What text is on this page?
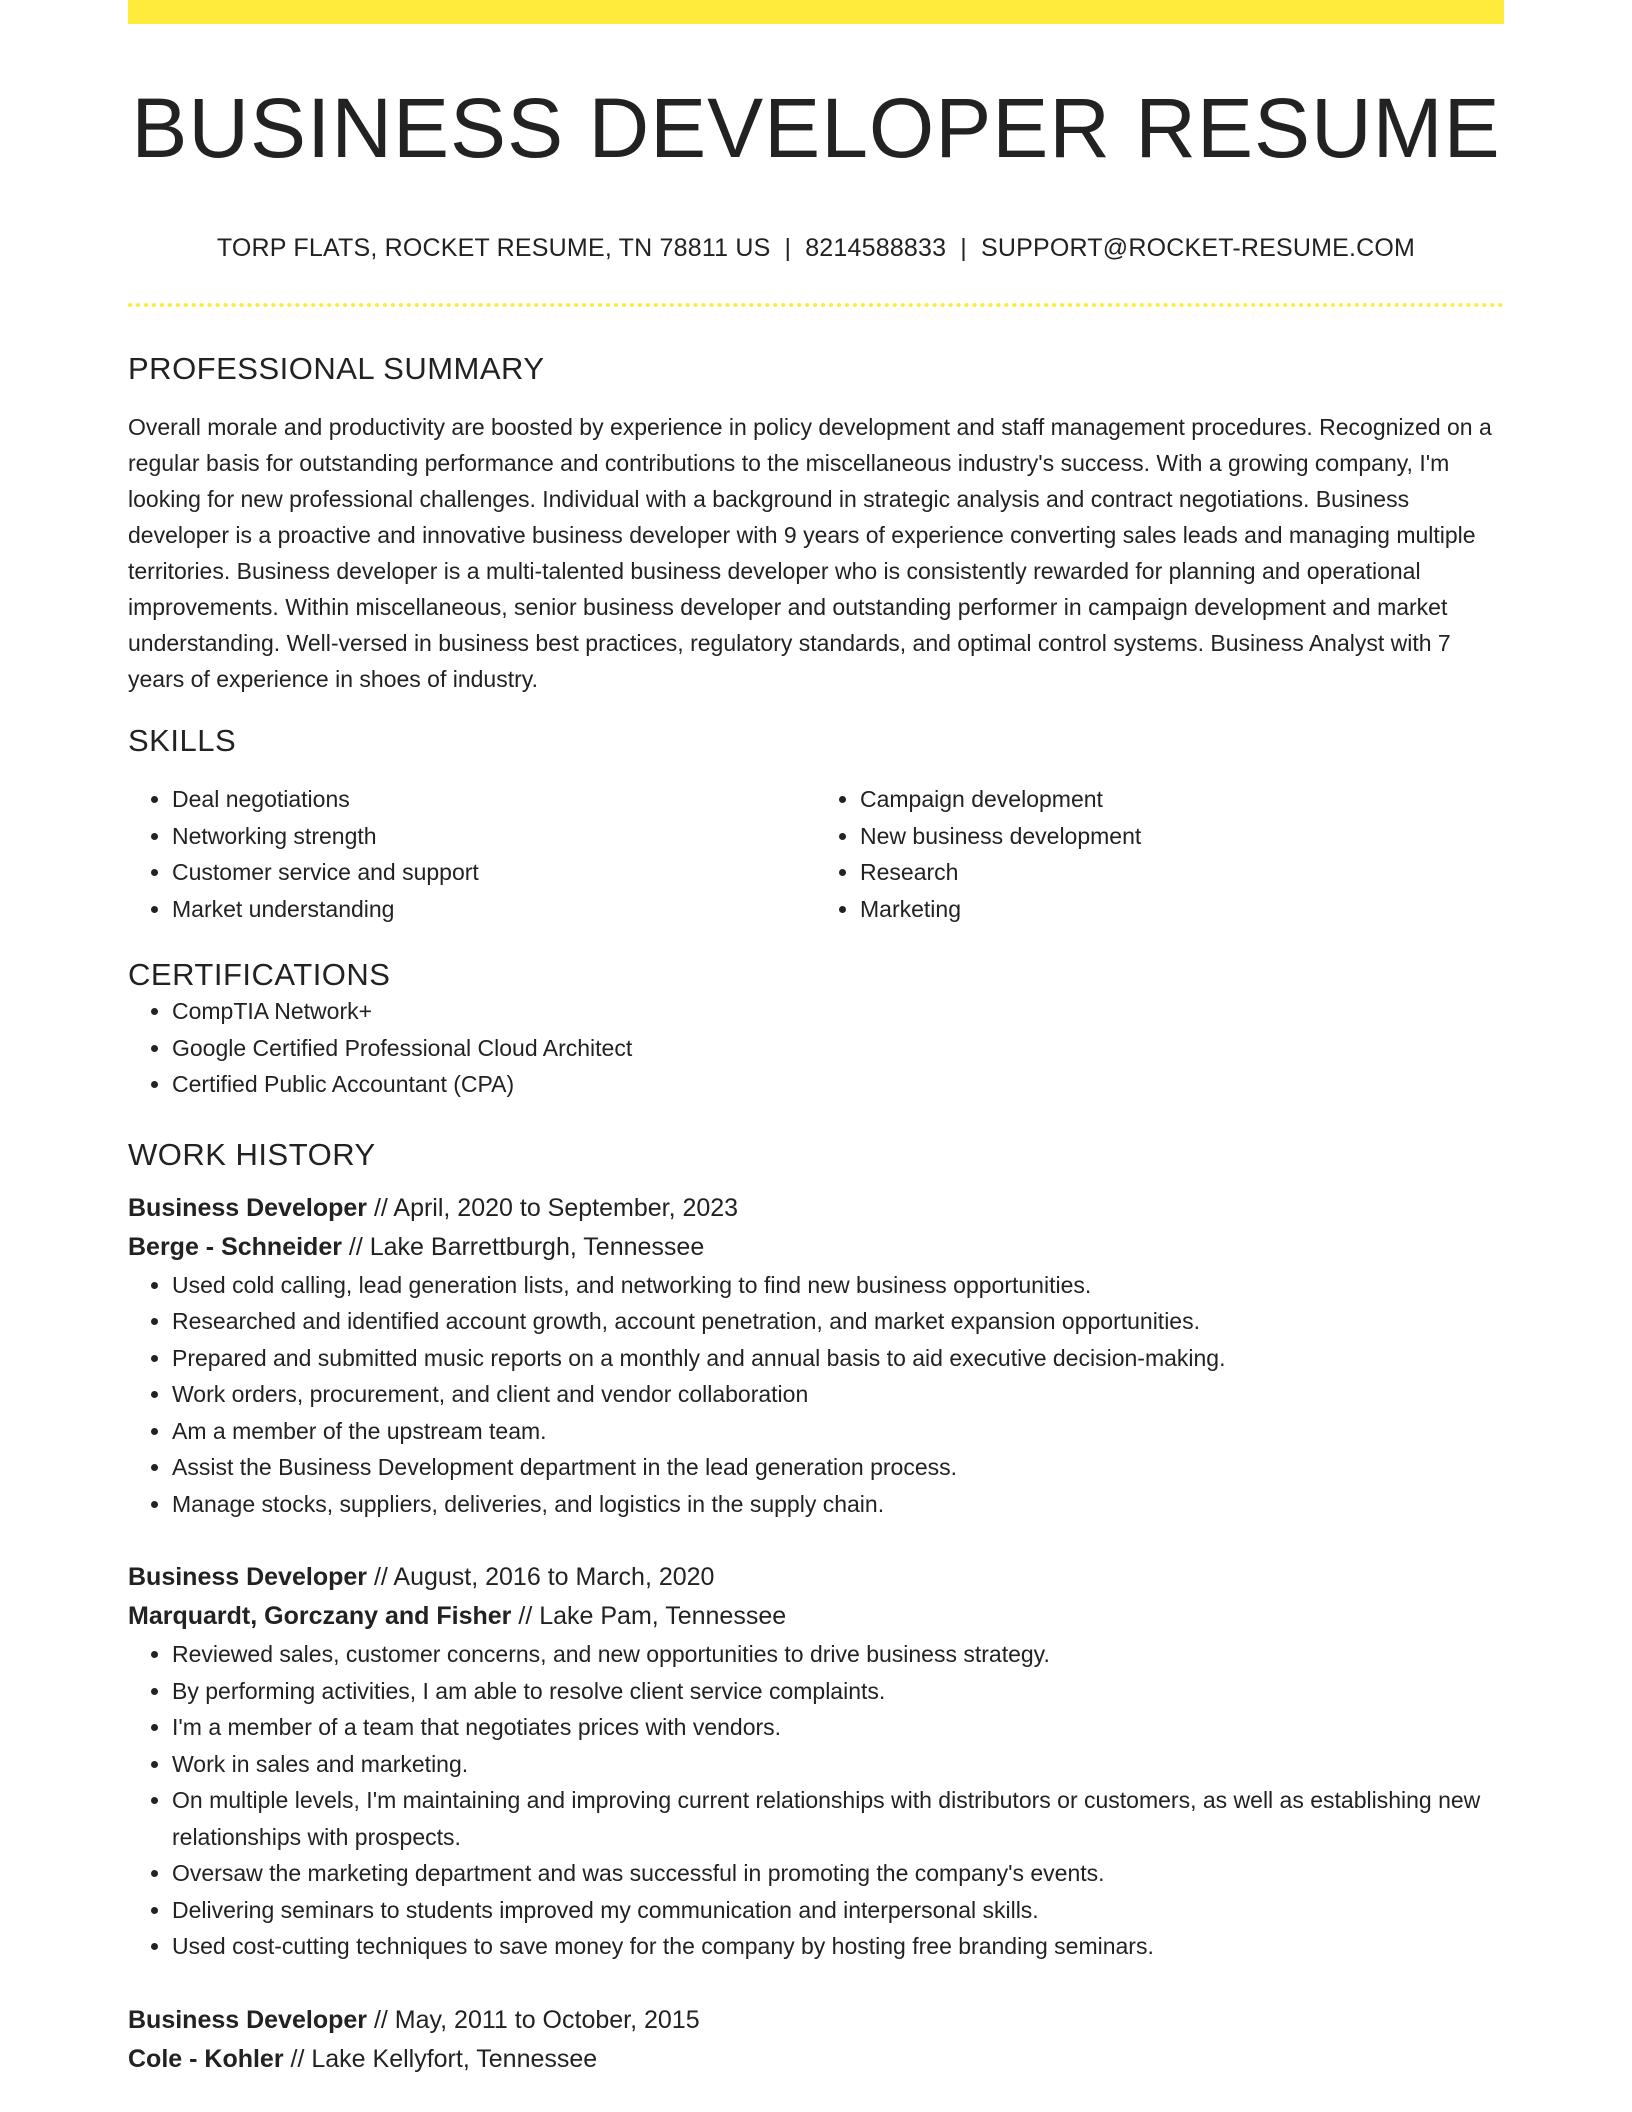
BUSINESS DEVELOPER RESUME
TORP FLATS, ROCKET RESUME, TN 78811 US | 8214588833 | SUPPORT@ROCKET-RESUME.COM
PROFESSIONAL SUMMARY

Overall morale and productivity are boosted by experience in policy development and staff management procedures. Recognized on a regular basis for outstanding performance and contributions to the miscellaneous industry's success. With a growing company, I'm looking for new professional challenges. Individual with a background in strategic analysis and contract negotiations. Business developer is a proactive and innovative business developer with 9 years of experience converting sales leads and managing multiple territories. Business developer is a multi-talented business developer who is consistently rewarded for planning and operational improvements. Within miscellaneous, senior business developer and outstanding performer in campaign development and market understanding. Well-versed in business best practices, regulatory standards, and optimal control systems. Business Analyst with 7 years of experience in shoes of industry.

SKILLS
• Deal negotiations
• Networking strength
• Customer service and support
• Market understanding
• Campaign development
• New business development
• Research
• Marketing
CERTIFICATIONS
• CompTIA Network+
• Google Certified Professional Cloud Architect
• Certified Public Accountant (CPA)
WORK HISTORY
Business Developer // April, 2020 to September, 2023
Berge - Schneider // Lake Barrettburgh, Tennessee
• Used cold calling, lead generation lists, and networking to find new business opportunities.
• Researched and identified account growth, account penetration, and market expansion opportunities.
• Prepared and submitted music reports on a monthly and annual basis to aid executive decision-making.
• Work orders, procurement, and client and vendor collaboration
• Am a member of the upstream team.
• Assist the Business Development department in the lead generation process.
• Manage stocks, suppliers, deliveries, and logistics in the supply chain.
Business Developer // August, 2016 to March, 2020
Marquardt, Gorczany and Fisher // Lake Pam, Tennessee
• Reviewed sales, customer concerns, and new opportunities to drive business strategy.
• By performing activities, I am able to resolve client service complaints.
• I'm a member of a team that negotiates prices with vendors.
• Work in sales and marketing.
• On multiple levels, I'm maintaining and improving current relationships with distributors or customers, as well as establishing new relationships with prospects.
• Oversaw the marketing department and was successful in promoting the company's events.
• Delivering seminars to students improved my communication and interpersonal skills.
• Used cost-cutting techniques to save money for the company by hosting free branding seminars.
Business Developer // May, 2011 to October, 2015
Cole - Kohler // Lake Kellyfort, Tennessee
